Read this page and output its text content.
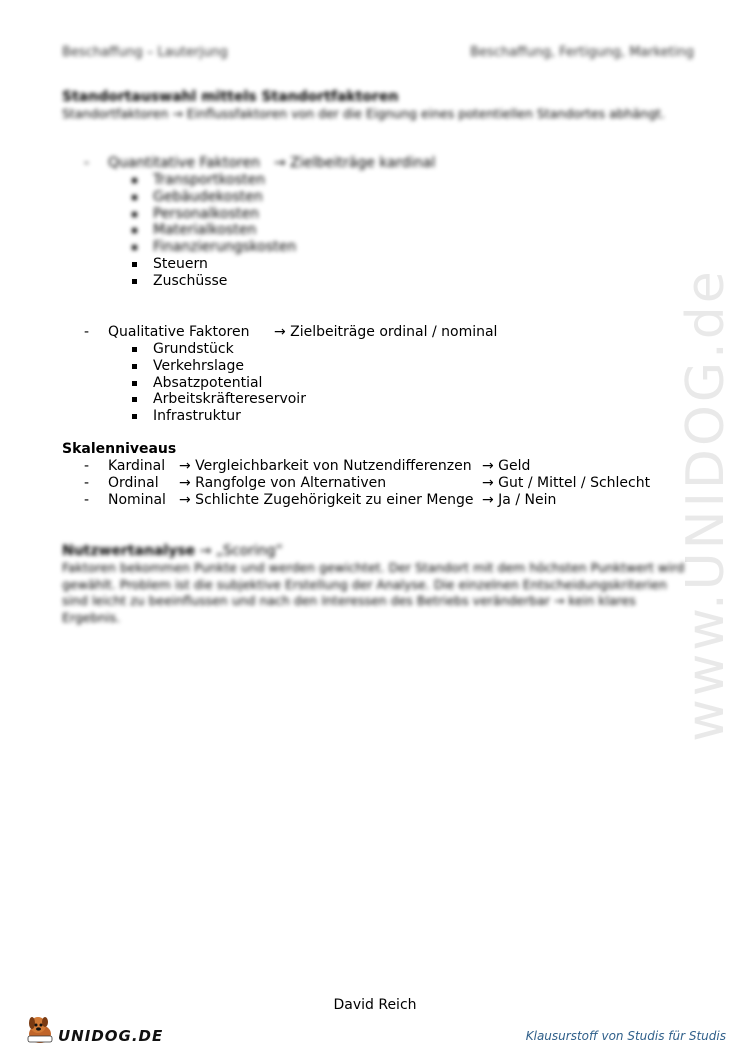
Beschaffung – Lauterjung	Beschaffung, Fertigung, Marketing
www.UNIDOG.de
Standortauswahl mittels Standortfaktoren
Standortfaktoren → Einflussfaktoren von der die Eignung eines potentiellen Standortes abhängt.
- Quantitative Faktoren → Zielbeiträge kardinal
Transportkosten
Gebäudekosten
Personalkosten
Materialkosten
Finanzierungskosten
Steuern
Zuschüsse
- Qualitative Faktoren → Zielbeiträge ordinal / nominal
Grundstück
Verkehrslage
Absatzpotential
Arbeitskräftereservoir
Infrastruktur
Skalenniveaus
- Kardinal → Vergleichbarkeit von Nutzendifferenzen → Geld
- Ordinal → Rangfolge von Alternativen	→ Gut / Mittel / Schlecht
- Nominal → Schlichte Zugehörigkeit zu einer Menge → Ja / Nein
Nutzwertanalyse → „Scoring“
Faktoren bekommen Punkte und werden gewichtet. Der Standort mit dem höchsten Punktwert wird gewählt. Problem ist die subjektive Erstellung der Analyse. Die einzelnen Entscheidungskriterien sind leicht zu beeinflussen und nach den Interessen des Betriebs veränderbar → kein klares Ergebnis.
David Reich
UNIDOG.DE	Klausurstoff von Studis für Studis
